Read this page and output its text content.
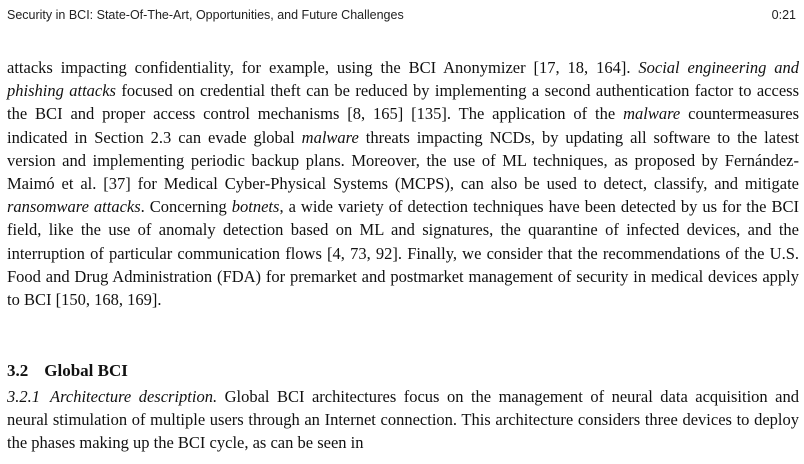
Security in BCI: State-Of-The-Art, Opportunities, and Future Challenges	0:21

attacks impacting confidentiality, for example, using the BCI Anonymizer [17, 18, 164]. Social engineering and phishing attacks focused on credential theft can be reduced by implementing a second authentication factor to access the BCI and proper access control mechanisms [8, 165] [135]. The application of the malware countermeasures indicated in Section 2.3 can evade global malware threats impacting NCDs, by updating all software to the latest version and implementing periodic backup plans. Moreover, the use of ML techniques, as proposed by Fernández-Maimó et al. [37] for Medical Cyber-Physical Systems (MCPS), can also be used to detect, classify, and mitigate ransomware attacks. Concerning botnets, a wide variety of detection techniques have been detected by us for the BCI field, like the use of anomaly detection based on ML and signatures, the quarantine of infected devices, and the interruption of particular communication flows [4, 73, 92]. Finally, we consider that the recommendations of the U.S. Food and Drug Administration (FDA) for premarket and postmarket management of security in medical devices apply to BCI [150, 168, 169].

3.2 Global BCI

3.2.1 Architecture description. Global BCI architectures focus on the management of neural data acquisition and neural stimulation of multiple users through an Internet connection. This architecture considers three devices to deploy the phases making up the BCI cycle, as can be seen in
